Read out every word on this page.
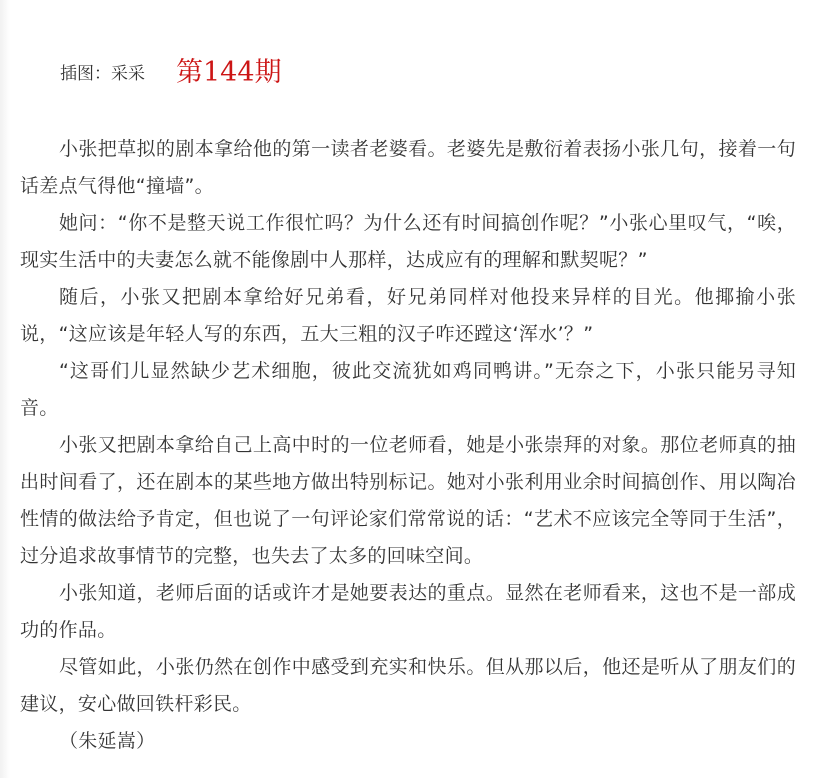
插图：采采 第144期

小张把草拟的剧本拿给他的第一读者老婆看。老婆先是敷衍着表扬小张几句，接着一句话差点气得他“撞墙”。

她问：“你不是整天说工作很忙吗？为什么还有时间搞创作呢？”小张心里叹气，“唉，现实生活中的夫妻怎么就不能像剧中人那样，达成应有的理解和默契呢？”

随后，小张又把剧本拿给好兄弟看，好兄弟同样对他投来异样的目光。他揶揄小张说，“这应该是年轻人写的东西，五大三粗的汉子咋还蹚这‘浑水’？”

“这哥们儿显然缺少艺术细胞，彼此交流犹如鸡同鸭讲。”无奈之下，小张只能另寻知音。

小张又把剧本拿给自己上高中时的一位老师看，她是小张崇拜的对象。那位老师真的抽出时间看了，还在剧本的某些地方做出特别标记。她对小张利用业余时间搞创作、用以陶冶性情的做法给予肯定，但也说了一句评论家们常常说的话：“艺术不应该完全等同于生活”，过分追求故事情节的完整，也失去了太多的回味空间。

小张知道，老师后面的话或许才是她要表达的重点。显然在老师看来，这也不是一部成功的作品。

尽管如此，小张仍然在创作中感受到充实和快乐。但从那以后，他还是听从了朋友们的建议，安心做回铁杆彩民。

（朱延嵩）
